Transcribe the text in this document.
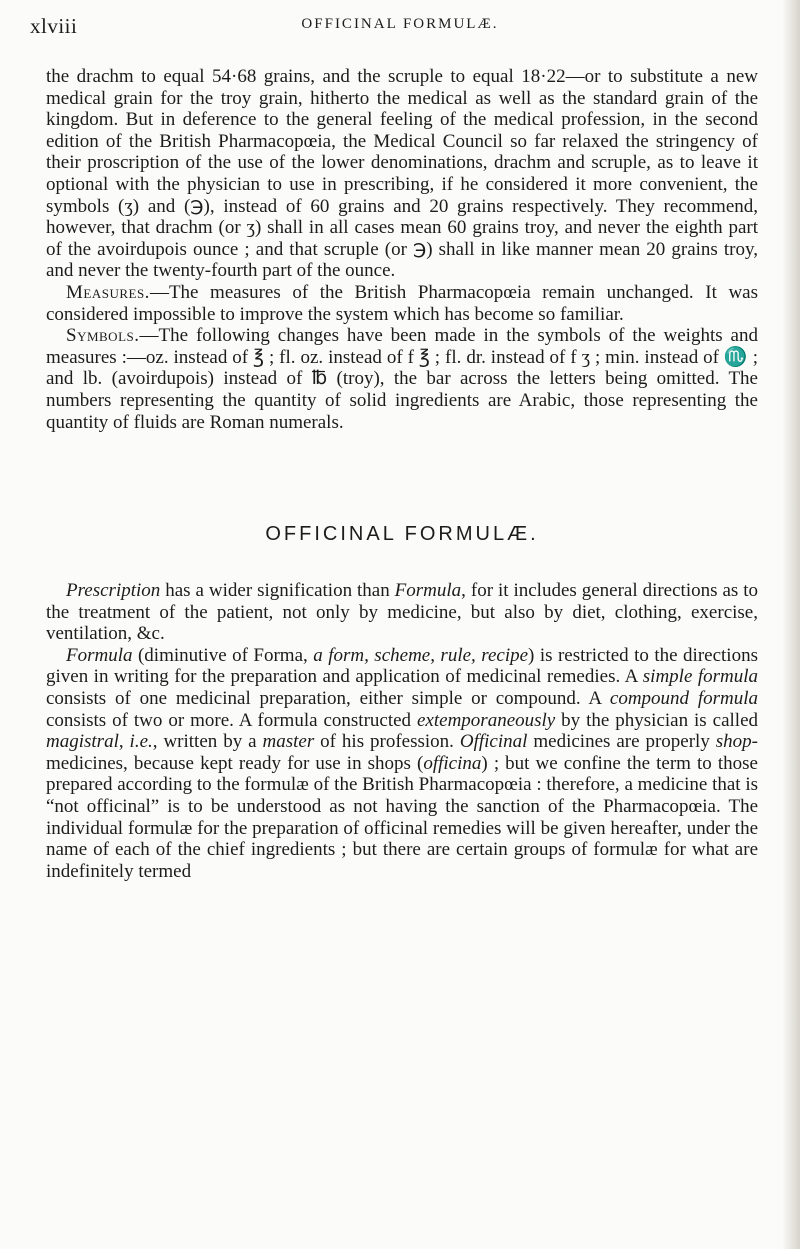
xlviii	OFFICINAL FORMULÆ.

the drachm to equal 54·68 grains, and the scruple to equal 18·22—or to substitute a new medical grain for the troy grain, hitherto the medical as well as the standard grain of the kingdom. But in deference to the general feeling of the medical profession, in the second edition of the British Pharmacopœia, the Medical Council so far relaxed the stringency of their proscription of the use of the lower denominations, drachm and scruple, as to leave it optional with the physician to use in prescribing, if he considered it more convenient, the symbols (ʒ) and (℈), instead of 60 grains and 20 grains respectively. They recommend, however, that drachm (or ʒ) shall in all cases mean 60 grains troy, and never the eighth part of the avoirdupois ounce ; and that scruple (or ℈) shall in like manner mean 20 grains troy, and never the twenty-fourth part of the ounce.

Measures.—The measures of the British Pharmacopœia remain unchanged. It was considered impossible to improve the system which has become so familiar.

Symbols.—The following changes have been made in the symbols of the weights and measures :—oz. instead of ℥ ; fl. oz. instead of f ℥ ; fl. dr. instead of f ʒ ; min. instead of ♏ ; and lb. (avoirdupois) instead of ℔ (troy), the bar across the letters being omitted. The numbers representing the quantity of solid ingredients are Arabic, those representing the quantity of fluids are Roman numerals.

OFFICINAL FORMULÆ.

Prescription has a wider signification than Formula, for it includes general directions as to the treatment of the patient, not only by medicine, but also by diet, clothing, exercise, ventilation, &c.

Formula (diminutive of Forma, a form, scheme, rule, recipe) is restricted to the directions given in writing for the preparation and application of medicinal remedies. A simple formula consists of one medicinal preparation, either simple or compound. A compound formula consists of two or more. A formula constructed extemporaneously by the physician is called magistral, i.e., written by a master of his profession. Officinal medicines are properly shop-medicines, because kept ready for use in shops (officina) ; but we confine the term to those prepared according to the formulæ of the British Pharmacopœia : therefore, a medicine that is “not officinal” is to be understood as not having the sanction of the Pharmacopœia. The individual formulæ for the preparation of officinal remedies will be given hereafter, under the name of each of the chief ingredients ; but there are certain groups of formulæ for what are indefinitely termed
